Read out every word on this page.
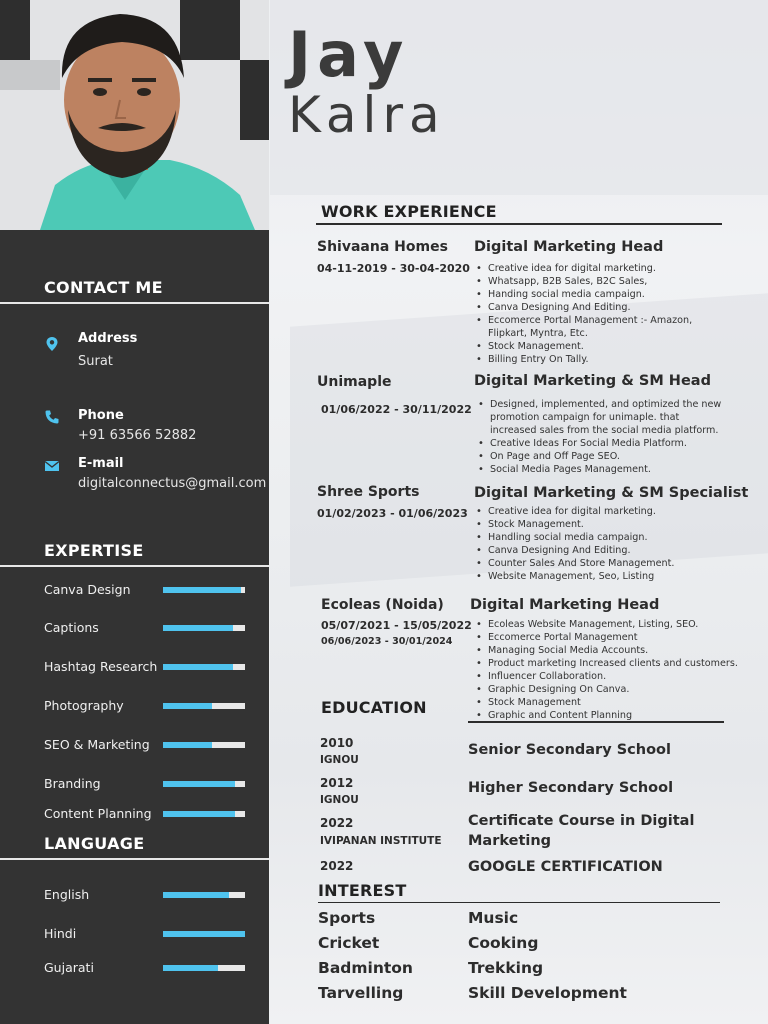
CONTACT ME
Address
Surat
Phone
+91 63566 52882
E-mail
digitalconnectus@gmail.com
EXPERTISE
Canva Design
Captions
Hashtag Research
Photography
SEO & Marketing
Branding
Content Planning
LANGUAGE
English
Hindi
Gujarati
Jay
Kalra
WORK EXPERIENCE
Shivaana Homes
04-11-2019 - 30-04-2020
Digital Marketing Head
• Creative idea for digital marketing.
• Whatsapp, B2B Sales, B2C Sales,
• Handing social media campaign.
• Canva Designing And Editing.
• Eccomerce Portal Management :- Amazon, Flipkart, Myntra, Etc.
• Stock Management.
• Billing Entry On Tally.
Unimaple
01/06/2022 - 30/11/2022
Digital Marketing & SM Head
• Designed, implemented, and optimized the new promotion campaign for unimaple. that increased sales from the social media platform.
• Creative Ideas For Social Media Platform.
• On Page and Off Page SEO.
• Social Media Pages Management.
Shree Sports
01/02/2023 - 01/06/2023
Digital Marketing & SM Specialist
• Creative idea for digital marketing.
• Stock Management.
• Handling social media campaign.
• Canva Designing And Editing.
• Counter Sales And Store Management.
• Website Management, Seo, Listing
Ecoleas (Noida)
05/07/2021 - 15/05/2022
06/06/2023 - 30/01/2024
Digital Marketing Head
• Ecoleas Website Management, Listing, SEO.
• Eccomerce Portal Management
• Managing Social Media Accounts.
• Product marketing Increased clients and customers.
• Influencer Collaboration.
• Graphic Designing On Canva.
• Stock Management
• Graphic and Content Planning
EDUCATION
2010
IGNOU
Senior Secondary School
2012
IGNOU
Higher Secondary School
2022
IVIPANAN INSTITUTE
Certificate Course in Digital Marketing
2022	GOOGLE CERTIFICATION
INTEREST
Sports
Cricket
Badminton
Tarvelling
Music
Cooking
Trekking
Skill Development
